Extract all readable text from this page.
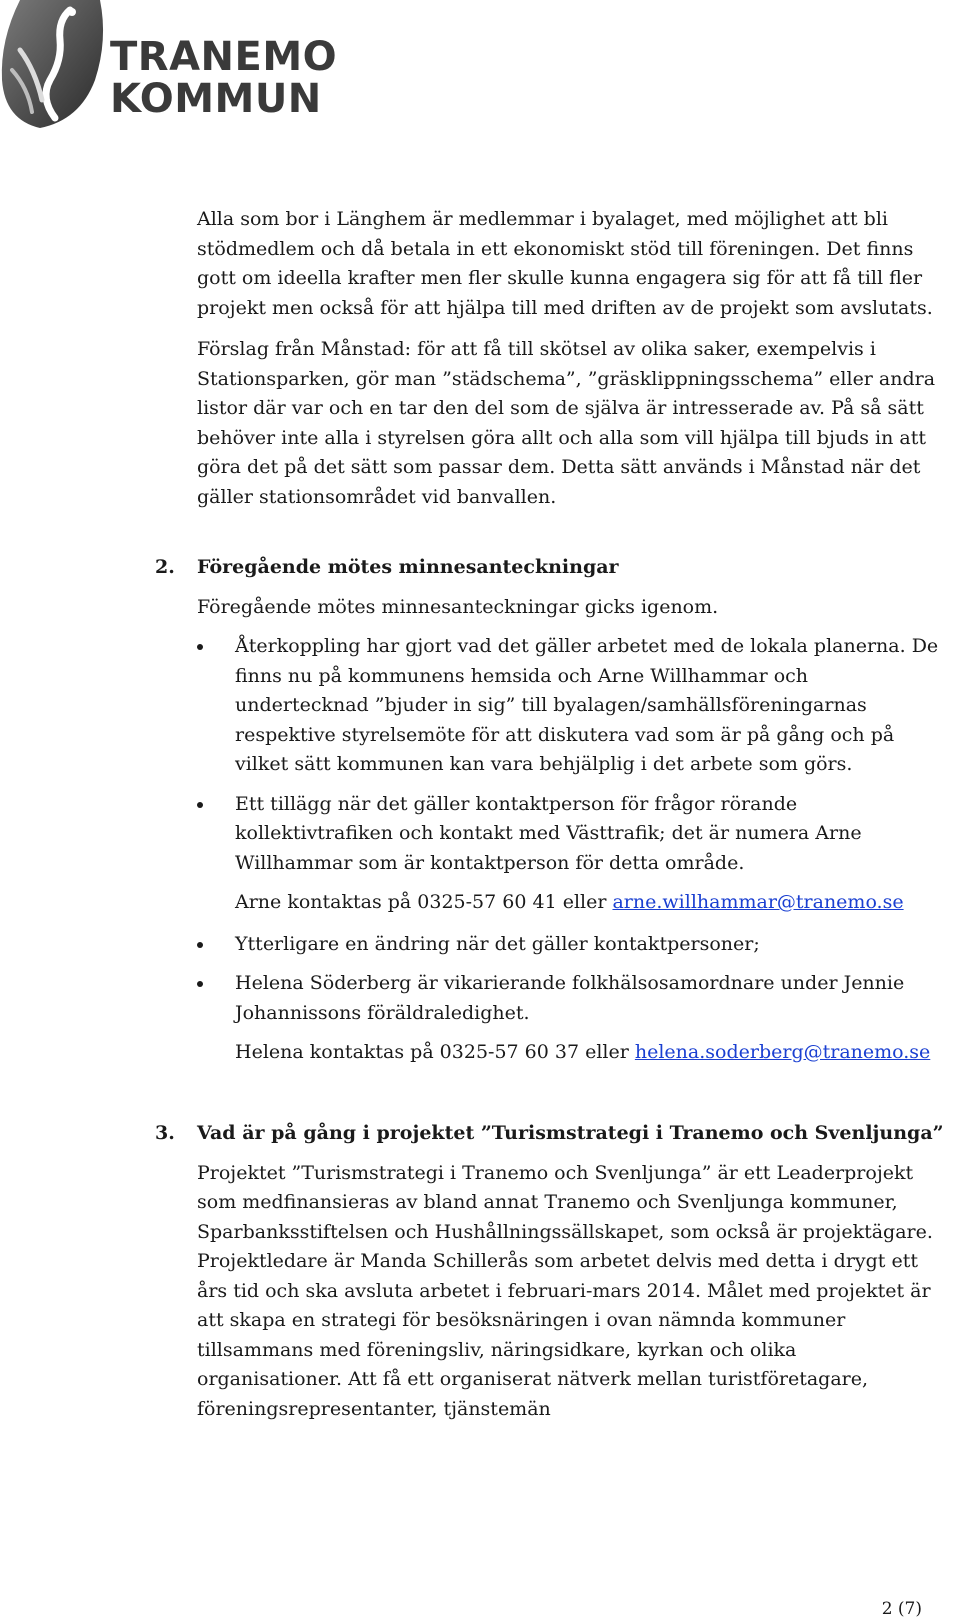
TRANEMO
KOMMUN

Alla som bor i Länghem är medlemmar i byalaget, med möjlighet att bli stödmedlem och då betala in ett ekonomiskt stöd till föreningen. Det finns gott om ideella krafter men fler skulle kunna engagera sig för att få till fler projekt men också för att hjälpa till med driften av de projekt som avslutats.

Förslag från Månstad: för att få till skötsel av olika saker, exempelvis i Stationsparken, gör man ”städschema”, ”gräsklippningsschema” eller andra listor där var och en tar den del som de själva är intresserade av. På så sätt behöver inte alla i styrelsen göra allt och alla som vill hjälpa till bjuds in att göra det på det sätt som passar dem. Detta sätt används i Månstad när det gäller stationsområdet vid banvallen.

2.	Föregående mötes minnesanteckningar

Föregående mötes minnesanteckningar gicks igenom.

Återkoppling har gjort vad det gäller arbetet med de lokala planerna. De finns nu på kommunens hemsida och Arne Willhammar och undertecknad ”bjuder in sig” till byalagen/samhällsföreningarnas respektive styrelsemöte för att diskutera vad som är på gång och på vilket sätt kommunen kan vara behjälplig i det arbete som görs.
Ett tillägg när det gäller kontaktperson för frågor rörande kollektivtrafiken och kontakt med Västtrafik; det är numera Arne Willhammar som är kontaktperson för detta område.

Arne kontaktas på 0325-57 60 41 eller arne.willhammar@tranemo.se

Ytterligare en ändring när det gäller kontaktpersoner;
Helena Söderberg är vikarierande folkhälsosamordnare under Jennie Johannissons föräldraledighet.

Helena kontaktas på 0325-57 60 37 eller helena.soderberg@tranemo.se

3.	Vad är på gång i projektet ”Turismstrategi i Tranemo och Svenljunga”

Projektet ”Turismstrategi i Tranemo och Svenljunga” är ett Leaderprojekt som medfinansieras av bland annat Tranemo och Svenljunga kommuner, Sparbanksstiftelsen och Hushållningssällskapet, som också är projektägare. Projektledare är Manda Schillerås som arbetet delvis med detta i drygt ett års tid och ska avsluta arbetet i februari-mars 2014. Målet med projektet är att skapa en strategi för besöksnäringen i ovan nämnda kommuner tillsammans med föreningsliv, näringsidkare, kyrkan och olika organisationer. Att få ett organiserat nätverk mellan turistföretagare, föreningsrepresentanter, tjänstemän

2 (7)
